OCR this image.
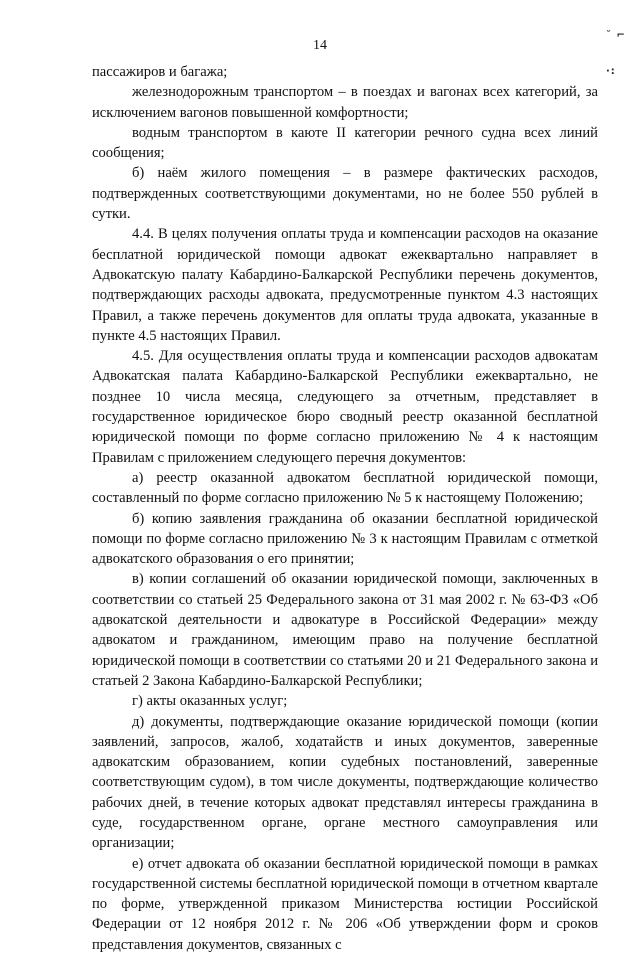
˘ ⌐
·:
14

пассажиров и багажа;

железнодорожным транспортом – в поездах и вагонах всех категорий, за исключением вагонов повышенной комфортности;

водным транспортом в каюте II категории речного судна всех линий сообщения;

б) наём жилого помещения – в размере фактических расходов, подтвержденных соответствующими документами, но не более 550 рублей в сутки.

4.4. В целях получения оплаты труда и компенсации расходов на оказание бесплатной юридической помощи адвокат ежеквартально направляет в Адвокатскую палату Кабардино-Балкарской Республики перечень документов, подтверждающих расходы адвоката, предусмотренные пунктом 4.3 настоящих Правил, а также перечень документов для оплаты труда адвоката, указанные в пункте 4.5 настоящих Правил.

4.5. Для осуществления оплаты труда и компенсации расходов адвокатам Адвокатская палата Кабардино-Балкарской Республики ежеквартально, не позднее 10 числа месяца, следующего за отчетным, представляет в государственное юридическое бюро сводный реестр оказанной бесплатной юридической помощи по форме согласно приложению № 4 к настоящим Правилам с приложением следующего перечня документов:

а) реестр оказанной адвокатом бесплатной юридической помощи, составленный по форме согласно приложению № 5 к настоящему Положению;

б) копию заявления гражданина об оказании бесплатной юридической помощи по форме согласно приложению № 3 к настоящим Правилам с отметкой адвокатского образования о его принятии;

в) копии соглашений об оказании юридической помощи, заключенных в соответствии со статьей 25 Федерального закона от 31 мая 2002 г. № 63-ФЗ «Об адвокатской деятельности и адвокатуре в Российской Федерации» между адвокатом и гражданином, имеющим право на получение бесплатной юридической помощи в соответствии со статьями 20 и 21 Федерального закона и статьей 2 Закона Кабардино-Балкарской Республики;

г) акты оказанных услуг;

д) документы, подтверждающие оказание юридической помощи (копии заявлений, запросов, жалоб, ходатайств и иных документов, заверенные адвокатским образованием, копии судебных постановлений, заверенные соответствующим судом), в том числе документы, подтверждающие количество рабочих дней, в течение которых адвокат представлял интересы гражданина в суде, государственном органе, органе местного самоуправления или организации;

е) отчет адвоката об оказании бесплатной юридической помощи в рамках государственной системы бесплатной юридической помощи в отчетном квартале по форме, утвержденной приказом Министерства юстиции Российской Федерации от 12 ноября 2012 г. № 206 «Об утверждении форм и сроков представления документов, связанных с
